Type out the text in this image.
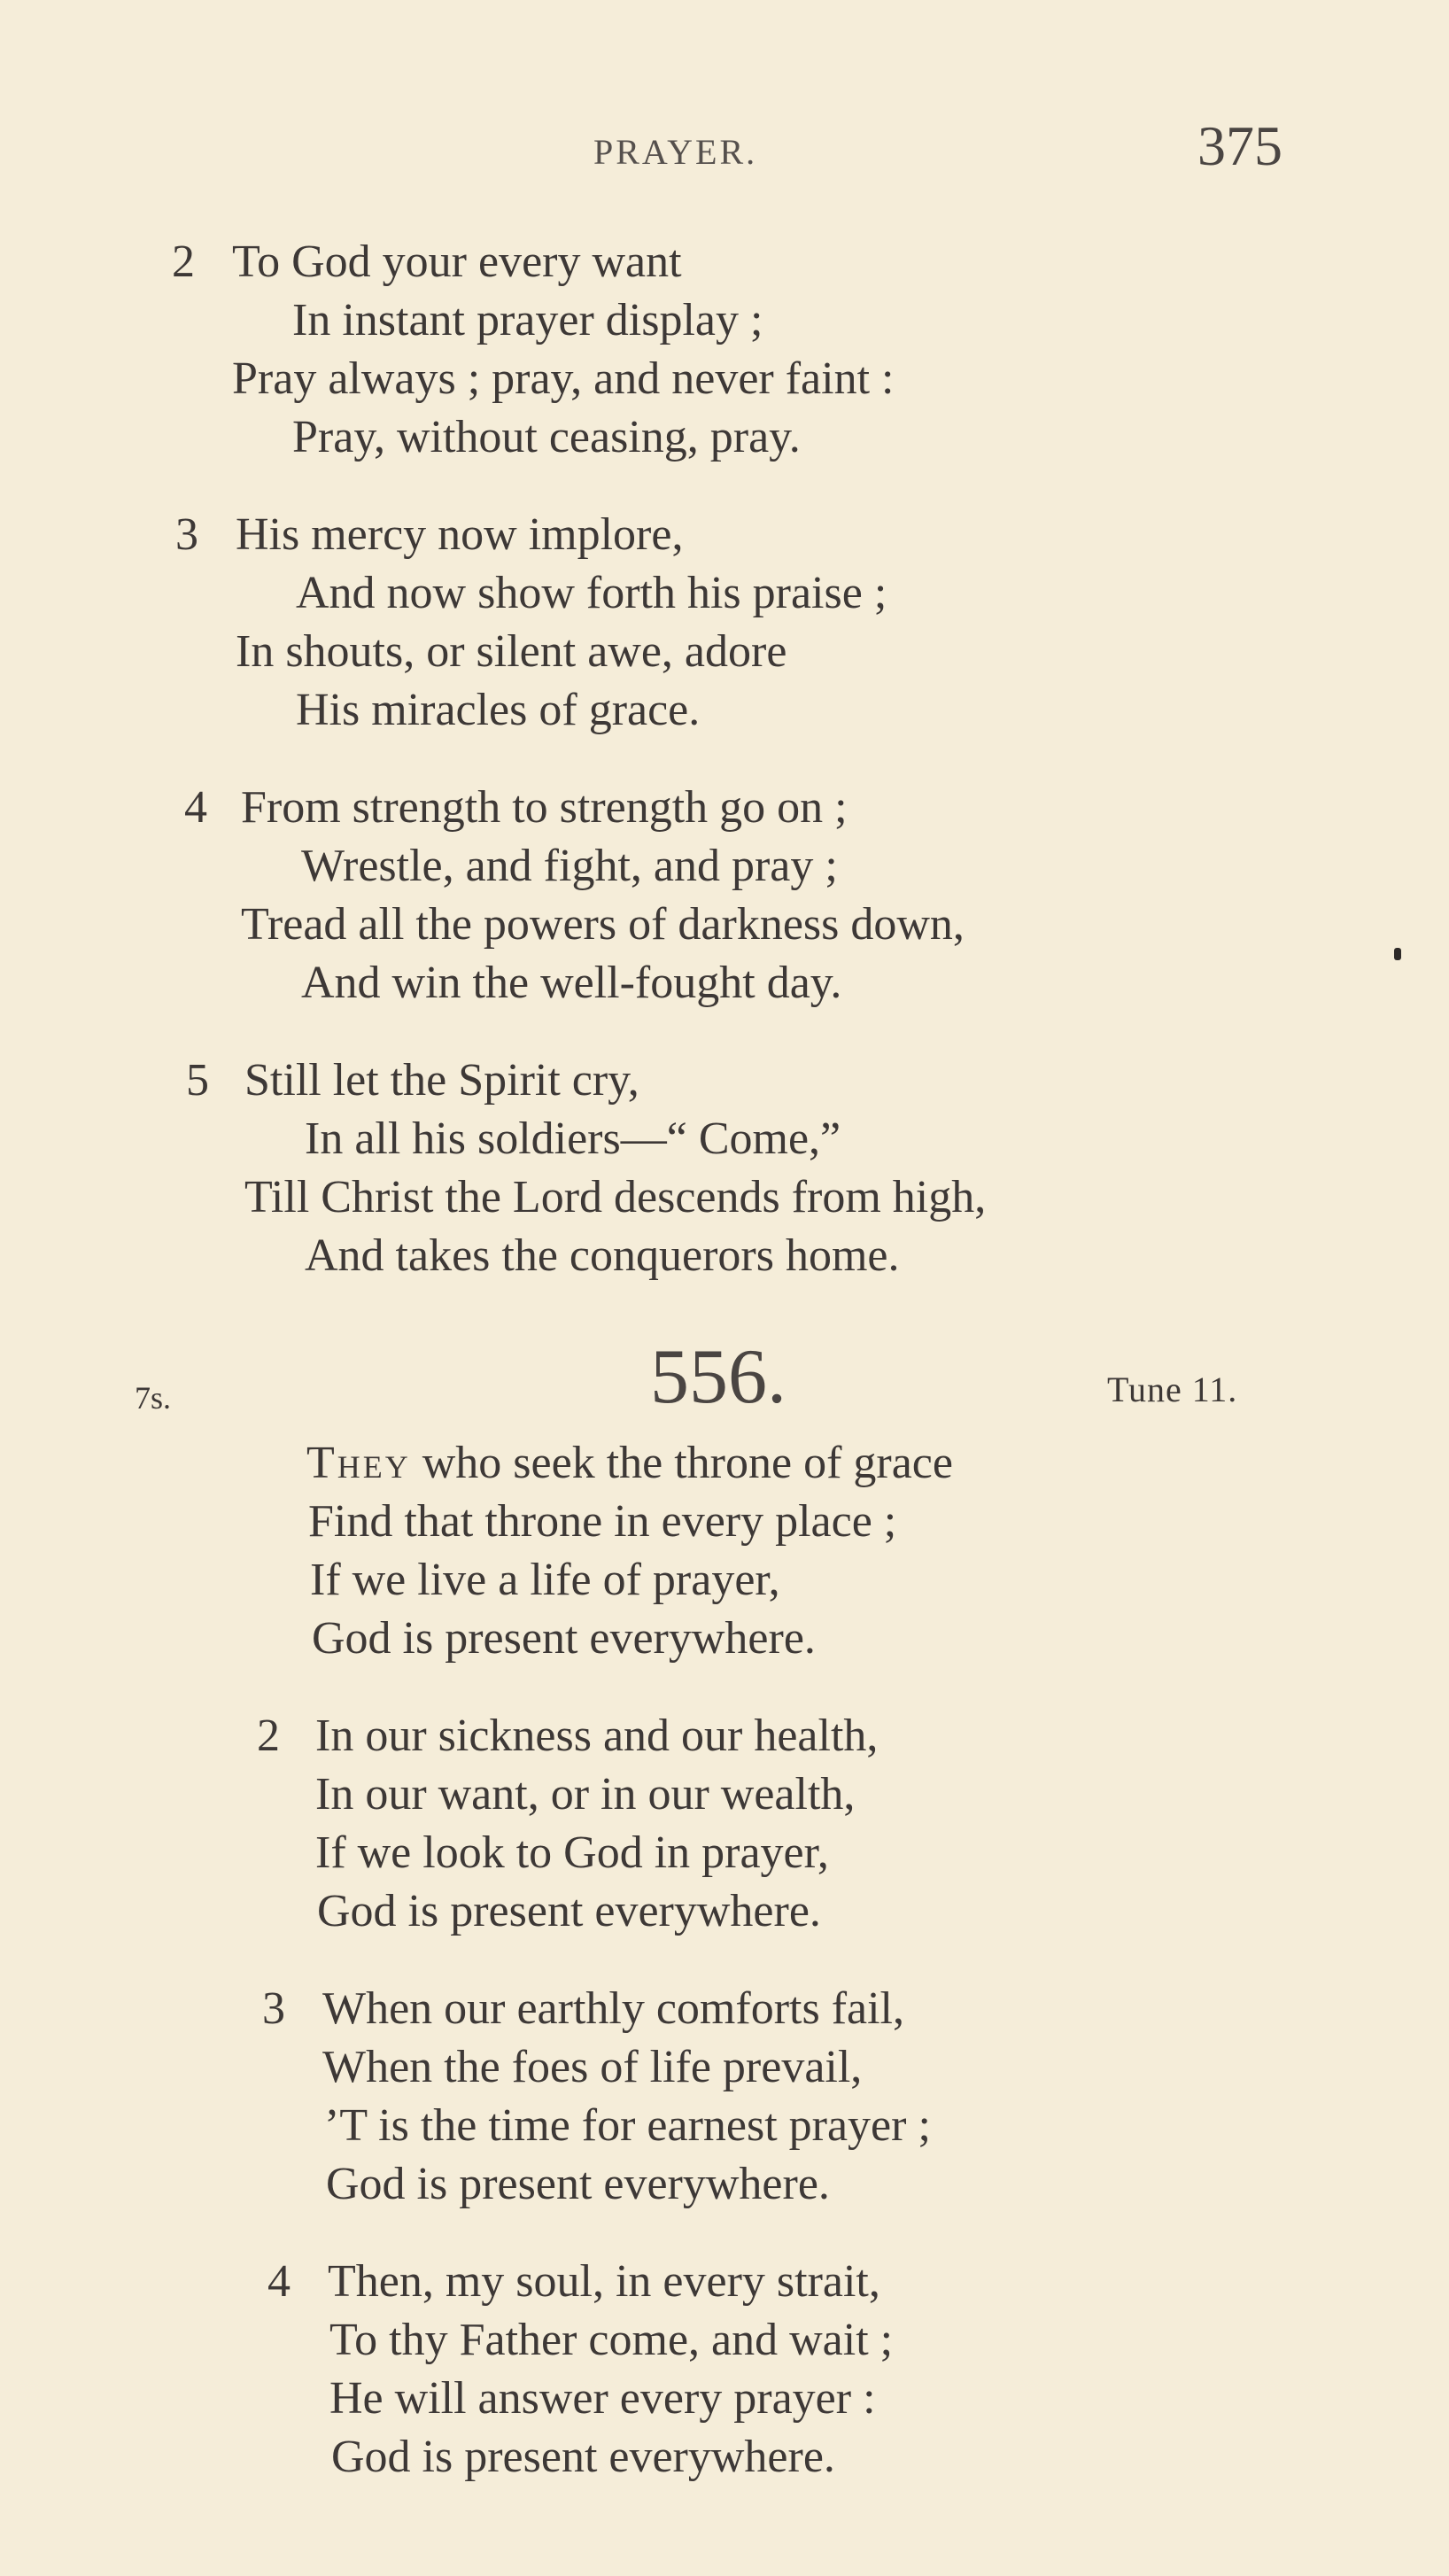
PRAYER.	375
2 To God your every want
In instant prayer display ;
Pray always ; pray, and never faint :
Pray, without ceasing, pray.
3 His mercy now implore,
And now show forth his praise ;
In shouts, or silent awe, adore
His miracles of grace.
4 From strength to strength go on ;
Wrestle, and fight, and pray ;
Tread all the powers of darkness down,
And win the well-fought day.
5 Still let the Spirit cry,
In all his soldiers—“ Come,”
Till Christ the Lord descends from high,
And takes the conquerors home.
7s.	556.	Tune 11.
They who seek the throne of grace
Find that throne in every place ;
If we live a life of prayer,
God is present everywhere.
2 In our sickness and our health,
In our want, or in our wealth,
If we look to God in prayer,
God is present everywhere.
3 When our earthly comforts fail,
When the foes of life prevail,
’T is the time for earnest prayer ;
God is present everywhere.
4 Then, my soul, in every strait,
To thy Father come, and wait ;
He will answer every prayer :
God is present everywhere.
